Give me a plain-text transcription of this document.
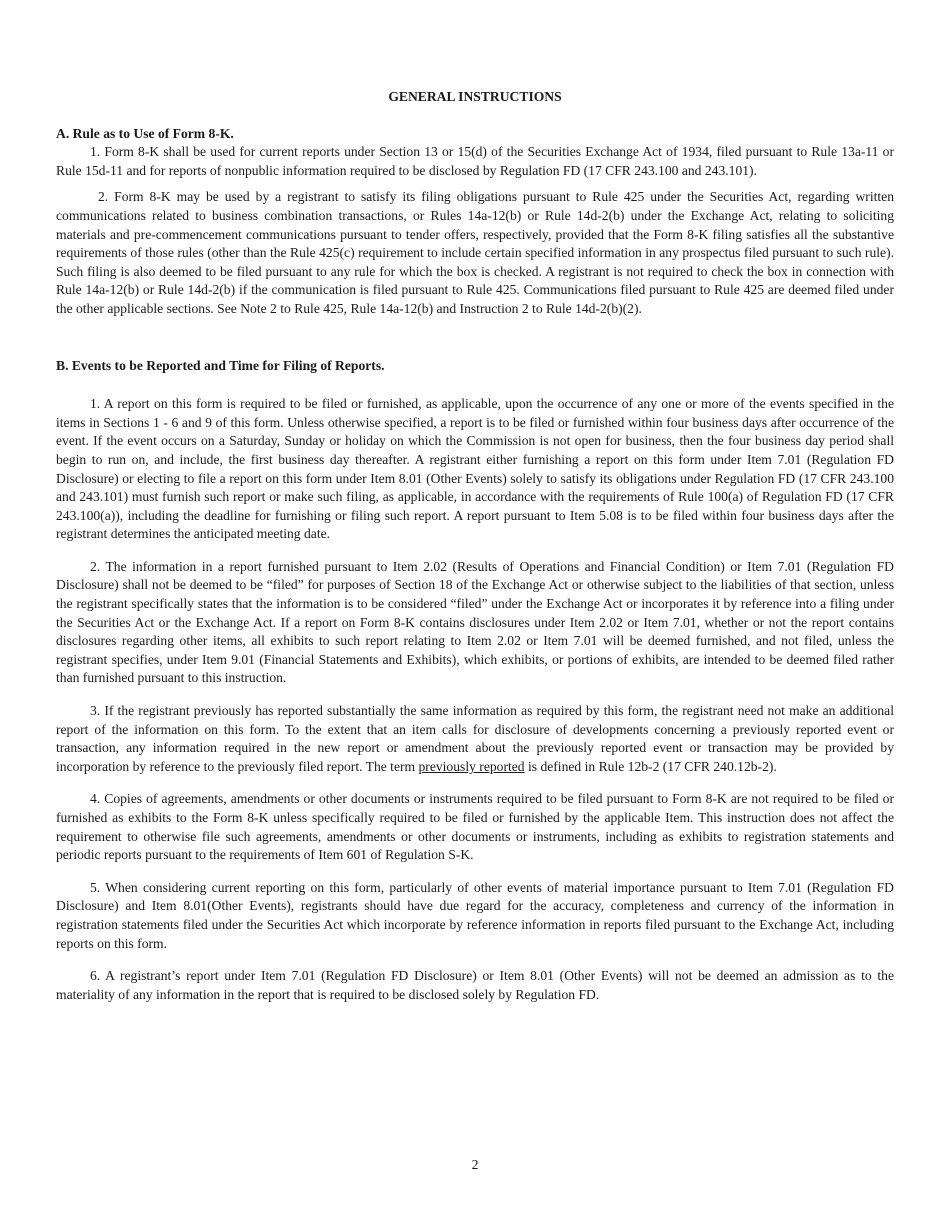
GENERAL INSTRUCTIONS
A. Rule as to Use of Form 8-K.

1. Form 8-K shall be used for current reports under Section 13 or 15(d) of the Securities Exchange Act of 1934, filed pursuant to Rule 13a-11 or Rule 15d-11 and for reports of nonpublic information required to be disclosed by Regulation FD (17 CFR 243.100 and 243.101).

2. Form 8-K may be used by a registrant to satisfy its filing obligations pursuant to Rule 425 under the Securities Act, regarding written communications related to business combination transactions, or Rules 14a-12(b) or Rule 14d-2(b) under the Exchange Act, relating to soliciting materials and pre-commencement communications pursuant to tender offers, respectively, provided that the Form 8-K filing satisfies all the substantive requirements of those rules (other than the Rule 425(c) requirement to include certain specified information in any prospectus filed pursuant to such rule). Such filing is also deemed to be filed pursuant to any rule for which the box is checked. A registrant is not required to check the box in connection with Rule 14a-12(b) or Rule 14d-2(b) if the communication is filed pursuant to Rule 425. Communications filed pursuant to Rule 425 are deemed filed under the other applicable sections. See Note 2 to Rule 425, Rule 14a-12(b) and Instruction 2 to Rule 14d-2(b)(2).

B. Events to be Reported and Time for Filing of Reports.

1. A report on this form is required to be filed or furnished, as applicable, upon the occurrence of any one or more of the events specified in the items in Sections 1 - 6 and 9 of this form. Unless otherwise specified, a report is to be filed or furnished within four business days after occurrence of the event. If the event occurs on a Saturday, Sunday or holiday on which the Commission is not open for business, then the four business day period shall begin to run on, and include, the first business day thereafter. A registrant either furnishing a report on this form under Item 7.01 (Regulation FD Disclosure) or electing to file a report on this form under Item 8.01 (Other Events) solely to satisfy its obligations under Regulation FD (17 CFR 243.100 and 243.101) must furnish such report or make such filing, as applicable, in accordance with the requirements of Rule 100(a) of Regulation FD (17 CFR 243.100(a)), including the deadline for furnishing or filing such report. A report pursuant to Item 5.08 is to be filed within four business days after the registrant determines the anticipated meeting date.

2. The information in a report furnished pursuant to Item 2.02 (Results of Operations and Financial Condition) or Item 7.01 (Regulation FD Disclosure) shall not be deemed to be “filed” for purposes of Section 18 of the Exchange Act or otherwise subject to the liabilities of that section, unless the registrant specifically states that the information is to be considered “filed” under the Exchange Act or incorporates it by reference into a filing under the Securities Act or the Exchange Act. If a report on Form 8-K contains disclosures under Item 2.02 or Item 7.01, whether or not the report contains disclosures regarding other items, all exhibits to such report relating to Item 2.02 or Item 7.01 will be deemed furnished, and not filed, unless the registrant specifies, under Item 9.01 (Financial Statements and Exhibits), which exhibits, or portions of exhibits, are intended to be deemed filed rather than furnished pursuant to this instruction.

3. If the registrant previously has reported substantially the same information as required by this form, the registrant need not make an additional report of the information on this form. To the extent that an item calls for disclosure of developments concerning a previously reported event or transaction, any information required in the new report or amendment about the previously reported event or transaction may be provided by incorporation by reference to the previously filed report. The term previously reported is defined in Rule 12b-2 (17 CFR 240.12b-2).

4. Copies of agreements, amendments or other documents or instruments required to be filed pursuant to Form 8-K are not required to be filed or furnished as exhibits to the Form 8-K unless specifically required to be filed or furnished by the applicable Item. This instruction does not affect the requirement to otherwise file such agreements, amendments or other documents or instruments, including as exhibits to registration statements and periodic reports pursuant to the requirements of Item 601 of Regulation S-K.

5. When considering current reporting on this form, particularly of other events of material importance pursuant to Item 7.01 (Regulation FD Disclosure) and Item 8.01(Other Events), registrants should have due regard for the accuracy, completeness and currency of the information in registration statements filed under the Securities Act which incorporate by reference information in reports filed pursuant to the Exchange Act, including reports on this form.

6. A registrant’s report under Item 7.01 (Regulation FD Disclosure) or Item 8.01 (Other Events) will not be deemed an admission as to the materiality of any information in the report that is required to be disclosed solely by Regulation FD.

2
